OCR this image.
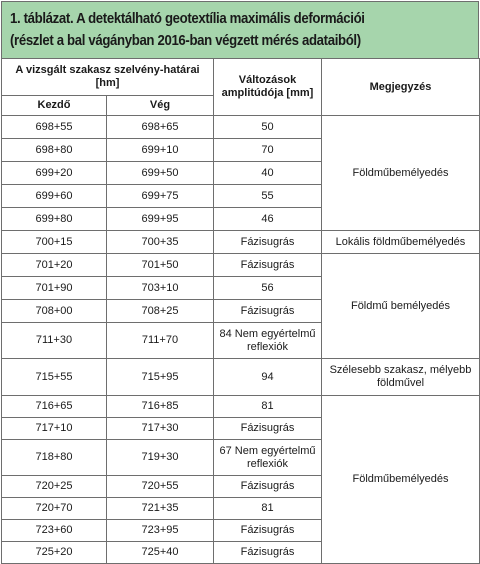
1. táblázat. A detektálható geotextília maximális deformációi
(részlet a bal vágányban 2016-ban végzett mérés adataiból)
A vizsgált szakasz szelvény-határai [hm]		Változások amplitúdója [mm]	Megjegyzés
Kezdő	Vég		
698+55	698+65	50	Földműbemélyedés
698+80	699+10	70	
699+20	699+50	40	
699+60	699+75	55	
699+80	699+95	46	
700+15	700+35	Fázisugrás	Lokális földműbemélyedés
701+20	701+50	Fázisugrás	Földmű bemélyedés
701+90	703+10	56	
708+00	708+25	Fázisugrás	
711+30	711+70	84 Nem egyértelmű reflexiók	
715+55	715+95	94	Szélesebb szakasz, mélyebb földművel
716+65	716+85	81	Földműbemélyedés
717+10	717+30	Fázisugrás	
718+80	719+30	67 Nem egyértelmű reflexiók	
720+25	720+55	Fázisugrás	
720+70	721+35	81	
723+60	723+95	Fázisugrás	
725+20	725+40	Fázisugrás	
